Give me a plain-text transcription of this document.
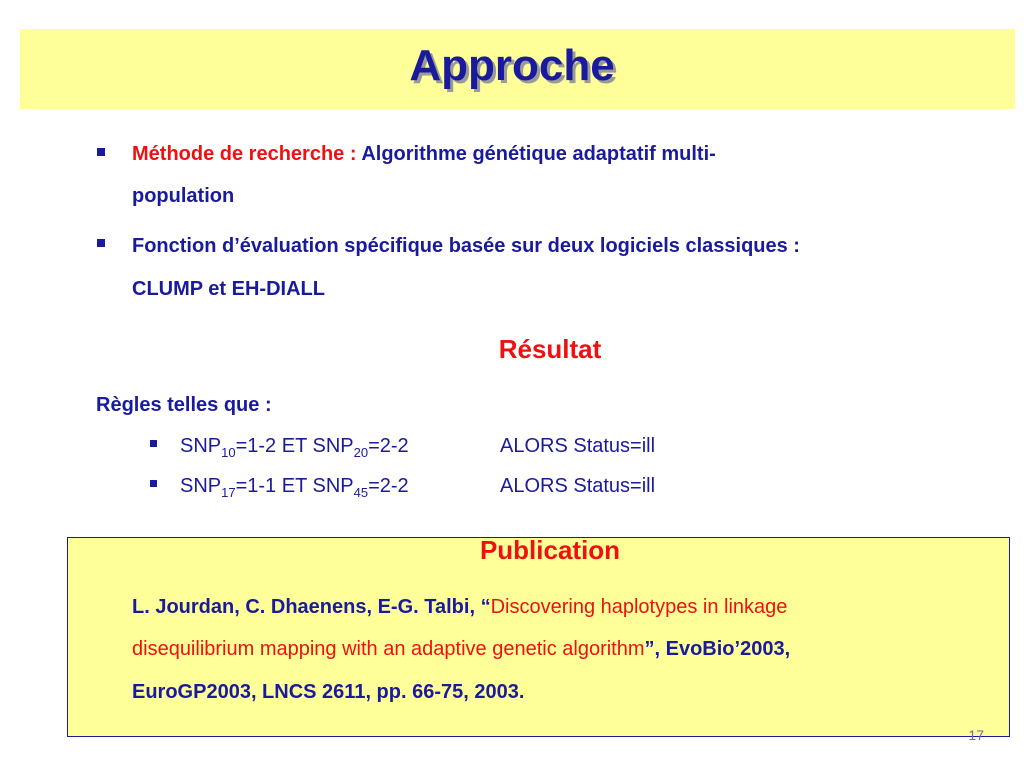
Approche
Méthode de recherche : Algorithme génétique adaptatif multi-
population
Fonction d’évaluation spécifique basée sur deux logiciels classiques :
CLUMP et EH-DIALL
Résultat
Règles telles que :
$SNP_{10}=1-2$ ET $SNP_{20}=2-2$	ALORS Status=ill
$SNP_{17}=1-1$ ET $SNP_{45}=2-2$	ALORS Status=ill
Publication
L. Jourdan, C. Dhaenens, E-G. Talbi, “Discovering haplotypes in linkage
disequilibrium mapping with an adaptive genetic algorithm”, EvoBio’2003,
EuroGP2003, LNCS 2611, pp. 66-75, 2003.
17
